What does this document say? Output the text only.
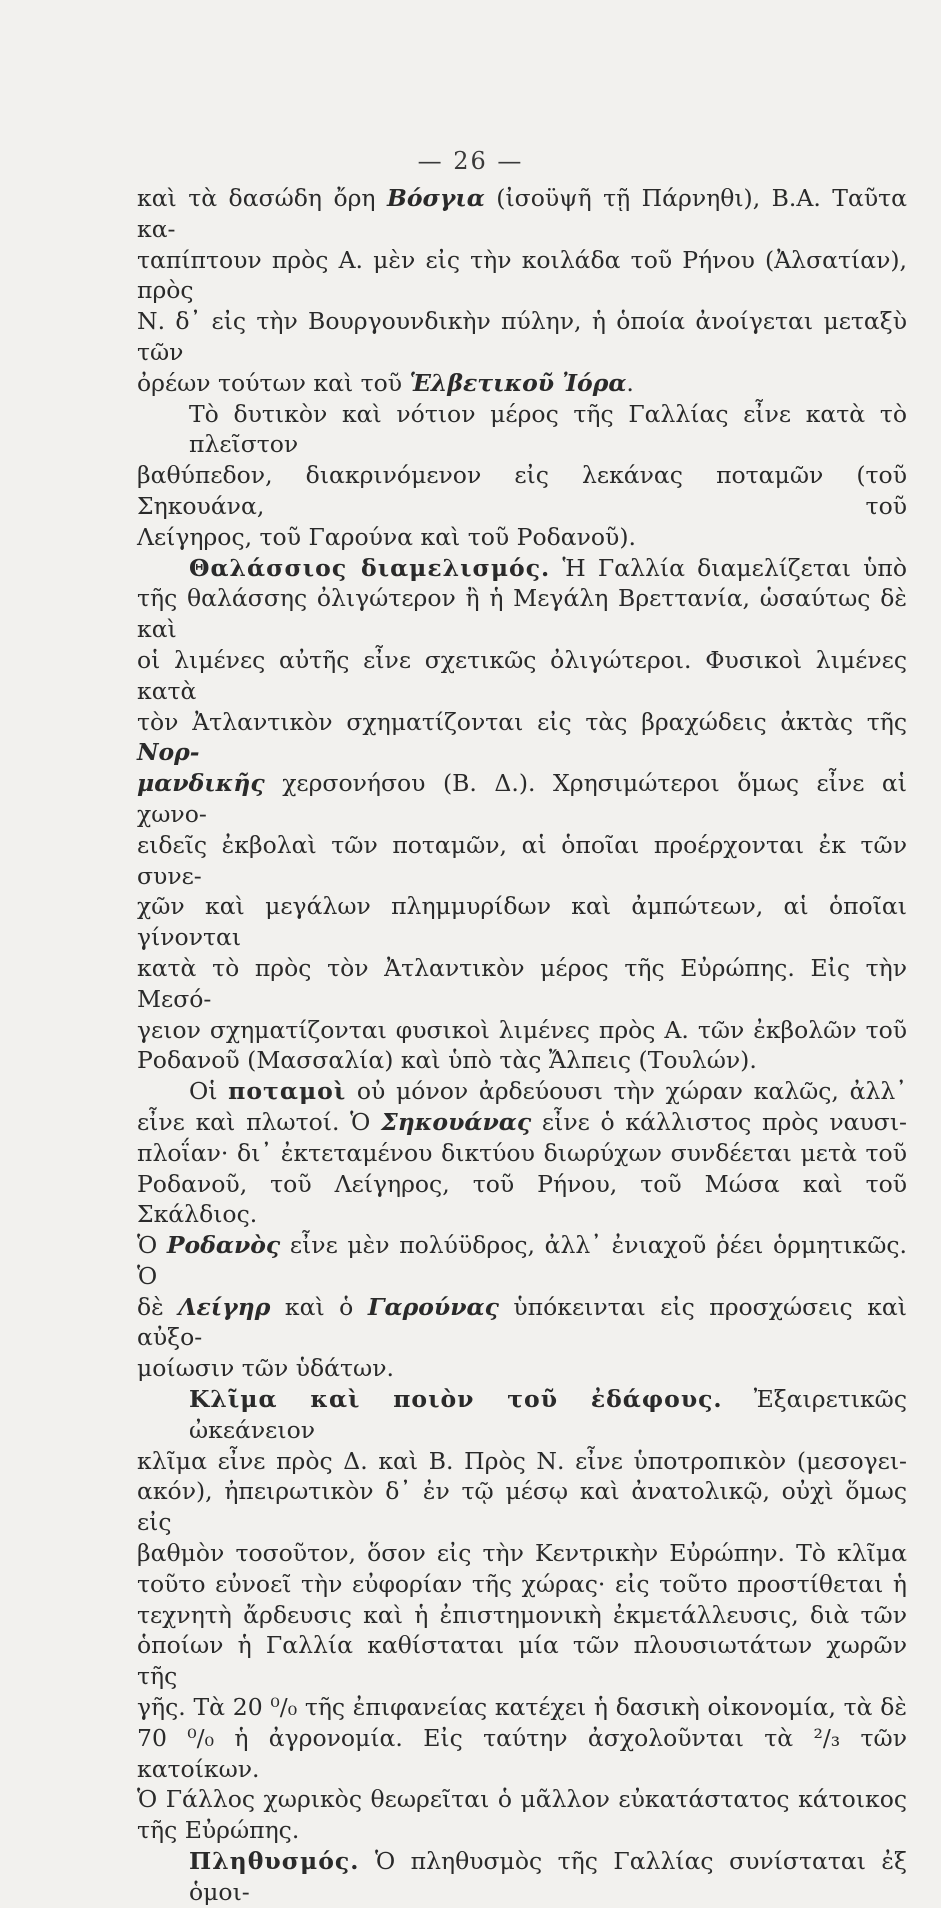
— 26 —
καὶ τὰ δασώδη ὄρη Βόσγια (ἰσοϋψῆ τῇ Πάρνηθι), Β.Α. Ταῦτα κα-
ταπίπτουν πρὸς Α. μὲν εἰς τὴν κοιλάδα τοῦ Ρήνου (Ἀλσατίαν), πρὸς
Ν. δ᾽ εἰς τὴν Βουργουνδικὴν πύλην, ἡ ὁποία ἀνοίγεται μεταξὺ τῶν
ὀρέων τούτων καὶ τοῦ Ἑλβετικοῦ Ἰόρα.
Τὸ δυτικὸν καὶ νότιον μέρος τῆς Γαλλίας εἶνε κατὰ τὸ πλεῖστον
βαθύπεδον, διακρινόμενον εἰς λεκάνας ποταμῶν (τοῦ Σηκουάνα, τοῦ
Λείγηρος, τοῦ Γαρούνα καὶ τοῦ Ροδανοῦ).
Θαλάσσιος διαμελισμός. Ἡ Γαλλία διαμελίζεται ὑπὸ
τῆς θαλάσσης ὀλιγώτερον ἢ ἡ Μεγάλη Βρεττανία, ὡσαύτως δὲ καὶ
οἱ λιμένες αὐτῆς εἶνε σχετικῶς ὀλιγώτεροι. Φυσικοὶ λιμένες κατὰ
τὸν Ἀτλαντικὸν σχηματίζονται εἰς τὰς βραχώδεις ἀκτὰς τῆς Νορ-
μανδικῆς χερσονήσου (Β. Δ.). Χρησιμώτεροι ὅμως εἶνε αἱ χωνο-
ειδεῖς ἐκβολαὶ τῶν ποταμῶν, αἱ ὁποῖαι προέρχονται ἐκ τῶν συνε-
χῶν καὶ μεγάλων πλημμυρίδων καὶ ἀμπώτεων, αἱ ὁποῖαι γίνονται
κατὰ τὸ πρὸς τὸν Ἀτλαντικὸν μέρος τῆς Εὐρώπης. Εἰς τὴν Μεσό-
γειον σχηματίζονται φυσικοὶ λιμένες πρὸς Α. τῶν ἐκβολῶν τοῦ
Ροδανοῦ (Μασσαλία) καὶ ὑπὸ τὰς Ἄλπεις (Τουλών).
Οἱ ποταμοὶ οὐ μόνον ἀρδεύουσι τὴν χώραν καλῶς, ἀλλ᾽
εἶνε καὶ πλωτοί. Ὁ Σηκουάνας εἶνε ὁ κάλλιστος πρὸς ναυσι-
πλοΐαν· δι᾽ ἐκτεταμένου δικτύου διωρύχων συνδέεται μετὰ τοῦ
Ροδανοῦ, τοῦ Λείγηρος, τοῦ Ρήνου, τοῦ Μώσα καὶ τοῦ Σκάλδιος.
Ὁ Ροδανὸς εἶνε μὲν πολύϋδρος, ἀλλ᾽ ἐνιαχοῦ ῥέει ὁρμητικῶς. Ὁ
δὲ Λείγηρ καὶ ὁ Γαρούνας ὑπόκεινται εἰς προσχώσεις καὶ αὐξο-
μοίωσιν τῶν ὑδάτων.
Κλῖμα καὶ ποιὸν τοῦ ἐδάφους. Ἐξαιρετικῶς ὠκεάνειον
κλῖμα εἶνε πρὸς Δ. καὶ Β. Πρὸς Ν. εἶνε ὑποτροπικὸν (μεσογει-
ακόν), ἠπειρωτικὸν δ᾽ ἐν τῷ μέσῳ καὶ ἀνατολικῷ, οὐχὶ ὅμως εἰς
βαθμὸν τοσοῦτον, ὅσον εἰς τὴν Κεντρικὴν Εὐρώπην. Τὸ κλῖμα
τοῦτο εὐνοεῖ τὴν εὐφορίαν τῆς χώρας· εἰς τοῦτο προστίθεται ἡ
τεχνητὴ ἄρδευσις καὶ ἡ ἐπιστημονικὴ ἐκμετάλλευσις, διὰ τῶν
ὁποίων ἡ Γαλλία καθίσταται μία τῶν πλουσιωτάτων χωρῶν τῆς
γῆς. Τὰ 20 ⁰/₀ τῆς ἐπιφανείας κατέχει ἡ δασικὴ οἰκονομία, τὰ δὲ
70 ⁰/₀ ἡ ἀγρονομία. Εἰς ταύτην ἀσχολοῦνται τὰ ²/₃ τῶν κατοίκων.
Ὁ Γάλλος χωρικὸς θεωρεῖται ὁ μᾶλλον εὐκατάστατος κάτοικος
τῆς Εὐρώπης.
Πληθυσμός. Ὁ πληθυσμὸς τῆς Γαλλίας συνίσταται ἐξ ὁμοι-
